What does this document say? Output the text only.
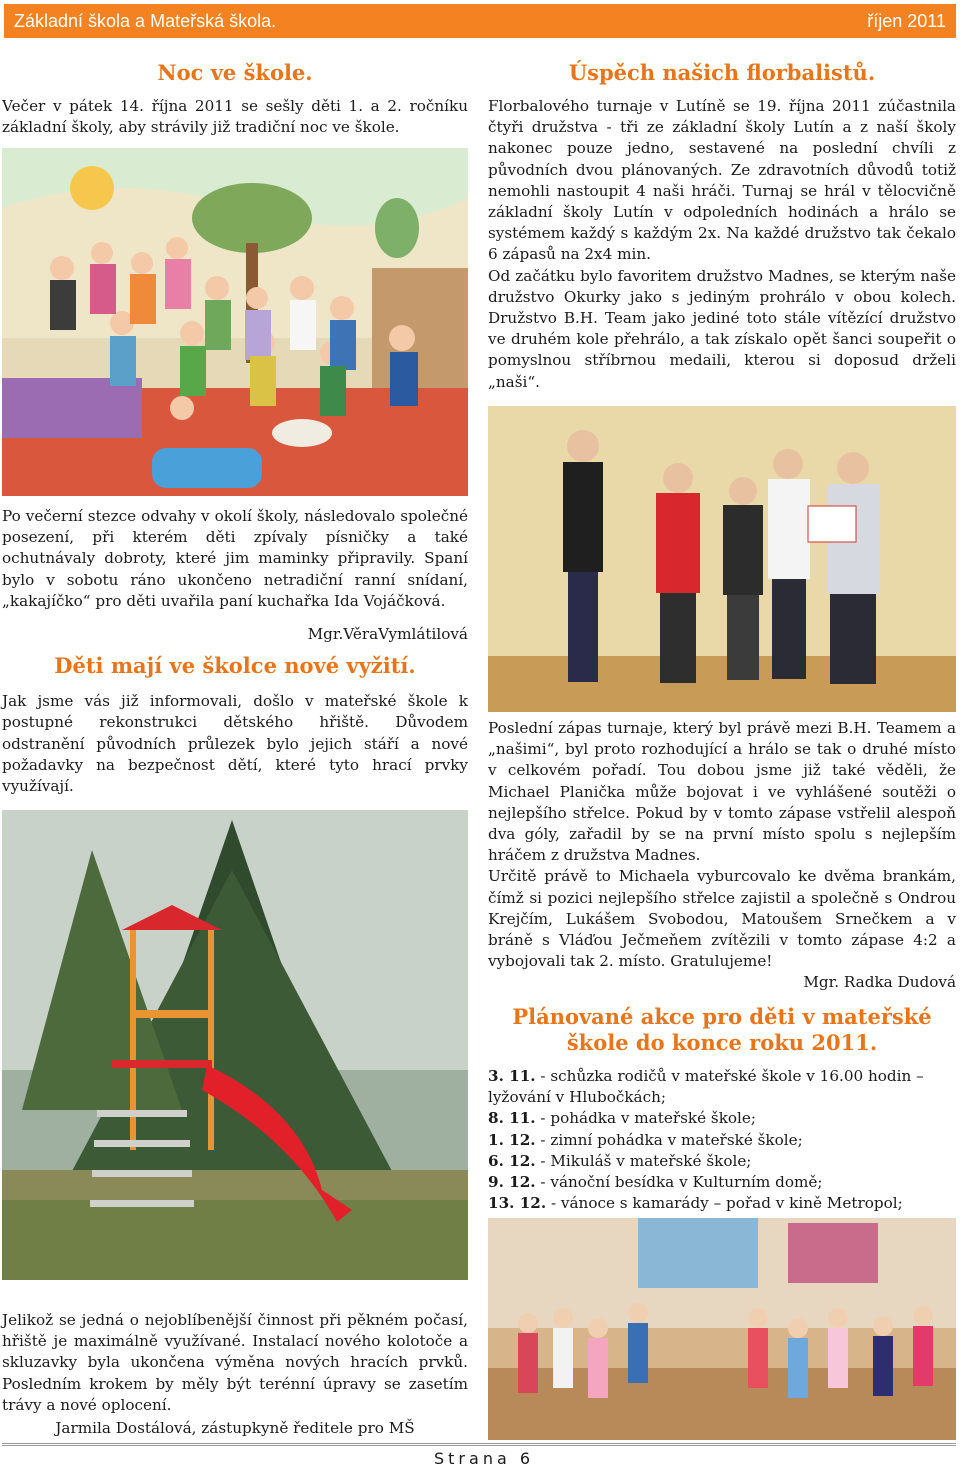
Základní škola a Mateřská škola.	říjen 2011
Noc ve škole.

Večer v pátek 14. října 2011 se sešly děti 1. a 2. ročníku základní školy, aby strávily již tradiční noc ve škole.

Po večerní stezce odvahy v okolí školy, následovalo společné posezení, při kterém děti zpívaly písničky a také ochutnávaly dobroty, které jim maminky připravily. Spaní bylo v sobotu ráno ukončeno netradiční ranní snídaní, „kakajíčko“ pro děti uvařila paní kuchařka Ida Vojáčková.

Mgr.VěraVymlátilová

Děti mají ve školce nové vyžití.

Jak jsme vás již informovali, došlo v mateřské škole k postupné rekonstrukci dětského hřiště. Důvodem odstranění původních průlezek bylo jejich stáří a nové požadavky na bezpečnost dětí, které tyto hrací prvky využívají.

Jelikož se jedná o nejoblíbenější činnost při pěkném počasí, hřiště je maximálně využívané. Instalací nového kolotoče a skluzavky byla ukončena výměna nových hracích prvků. Posledním krokem by měly být terénní úpravy se zasetím trávy a nové oplocení.

Jarmila Dostálová, zástupkyně ředitele pro MŠ

Úspěch našich florbalistů.

Florbalového turnaje v Lutíně se 19. října 2011 zúčastnila čtyři družstva - tři ze základní školy Lutín a z naší školy nakonec pouze jedno, sestavené na poslední chvíli z původních dvou plánovaných. Ze zdravotních důvodů totiž nemohli nastoupit 4 naši hráči. Turnaj se hrál v tělocvičně základní školy Lutín v odpoledních hodinách a hrálo se systémem každý s každým 2x. Na každé družstvo tak čekalo 6 zápasů na 2x4 min.

Od začátku bylo favoritem družstvo Madnes, se kterým naše družstvo Okurky jako s jediným prohrálo v obou kolech. Družstvo B.H. Team jako jediné toto stále vítězící družstvo ve druhém kole přehrálo, a tak získalo opět šanci soupeřit o pomyslnou stříbrnou medaili, kterou si doposud drželi „naši“.

Poslední zápas turnaje, který byl právě mezi B.H. Teamem a „našimi“, byl proto rozhodující a hrálo se tak o druhé místo v celkovém pořadí. Tou dobou jsme již také věděli, že Michael Planička může bojovat i ve vyhlášené soutěži o nejlepšího střelce. Pokud by v tomto zápase vstřelil alespoň dva góly, zařadil by se na první místo spolu s nejlepším hráčem z družstva Madnes.

Určitě právě to Michaela vyburcovalo ke dvěma brankám, čímž si pozici nejlepšího střelce zajistil a společně s Ondrou Krejčím, Lukášem Svobodou, Matoušem Srnečkem a v bráně s Vláďou Ječmeňem zvítězili v tomto zápase 4:2 a vybojovali tak 2. místo. Gratulujeme!

Mgr. Radka Dudová

Plánované akce pro děti v mateřské škole do konce roku 2011.
3. 11. - schůzka rodičů v mateřské škole v 16.00 hodin – lyžování v Hlubočkách;
8. 11. - pohádka v mateřské škole;
1. 12. - zimní pohádka v mateřské škole;
6. 12. - Mikuláš v mateřské škole;
9. 12. - vánoční besídka v Kulturním domě;
13. 12. - vánoce s kamarády – pořad v kině Metropol;
Strana 6
